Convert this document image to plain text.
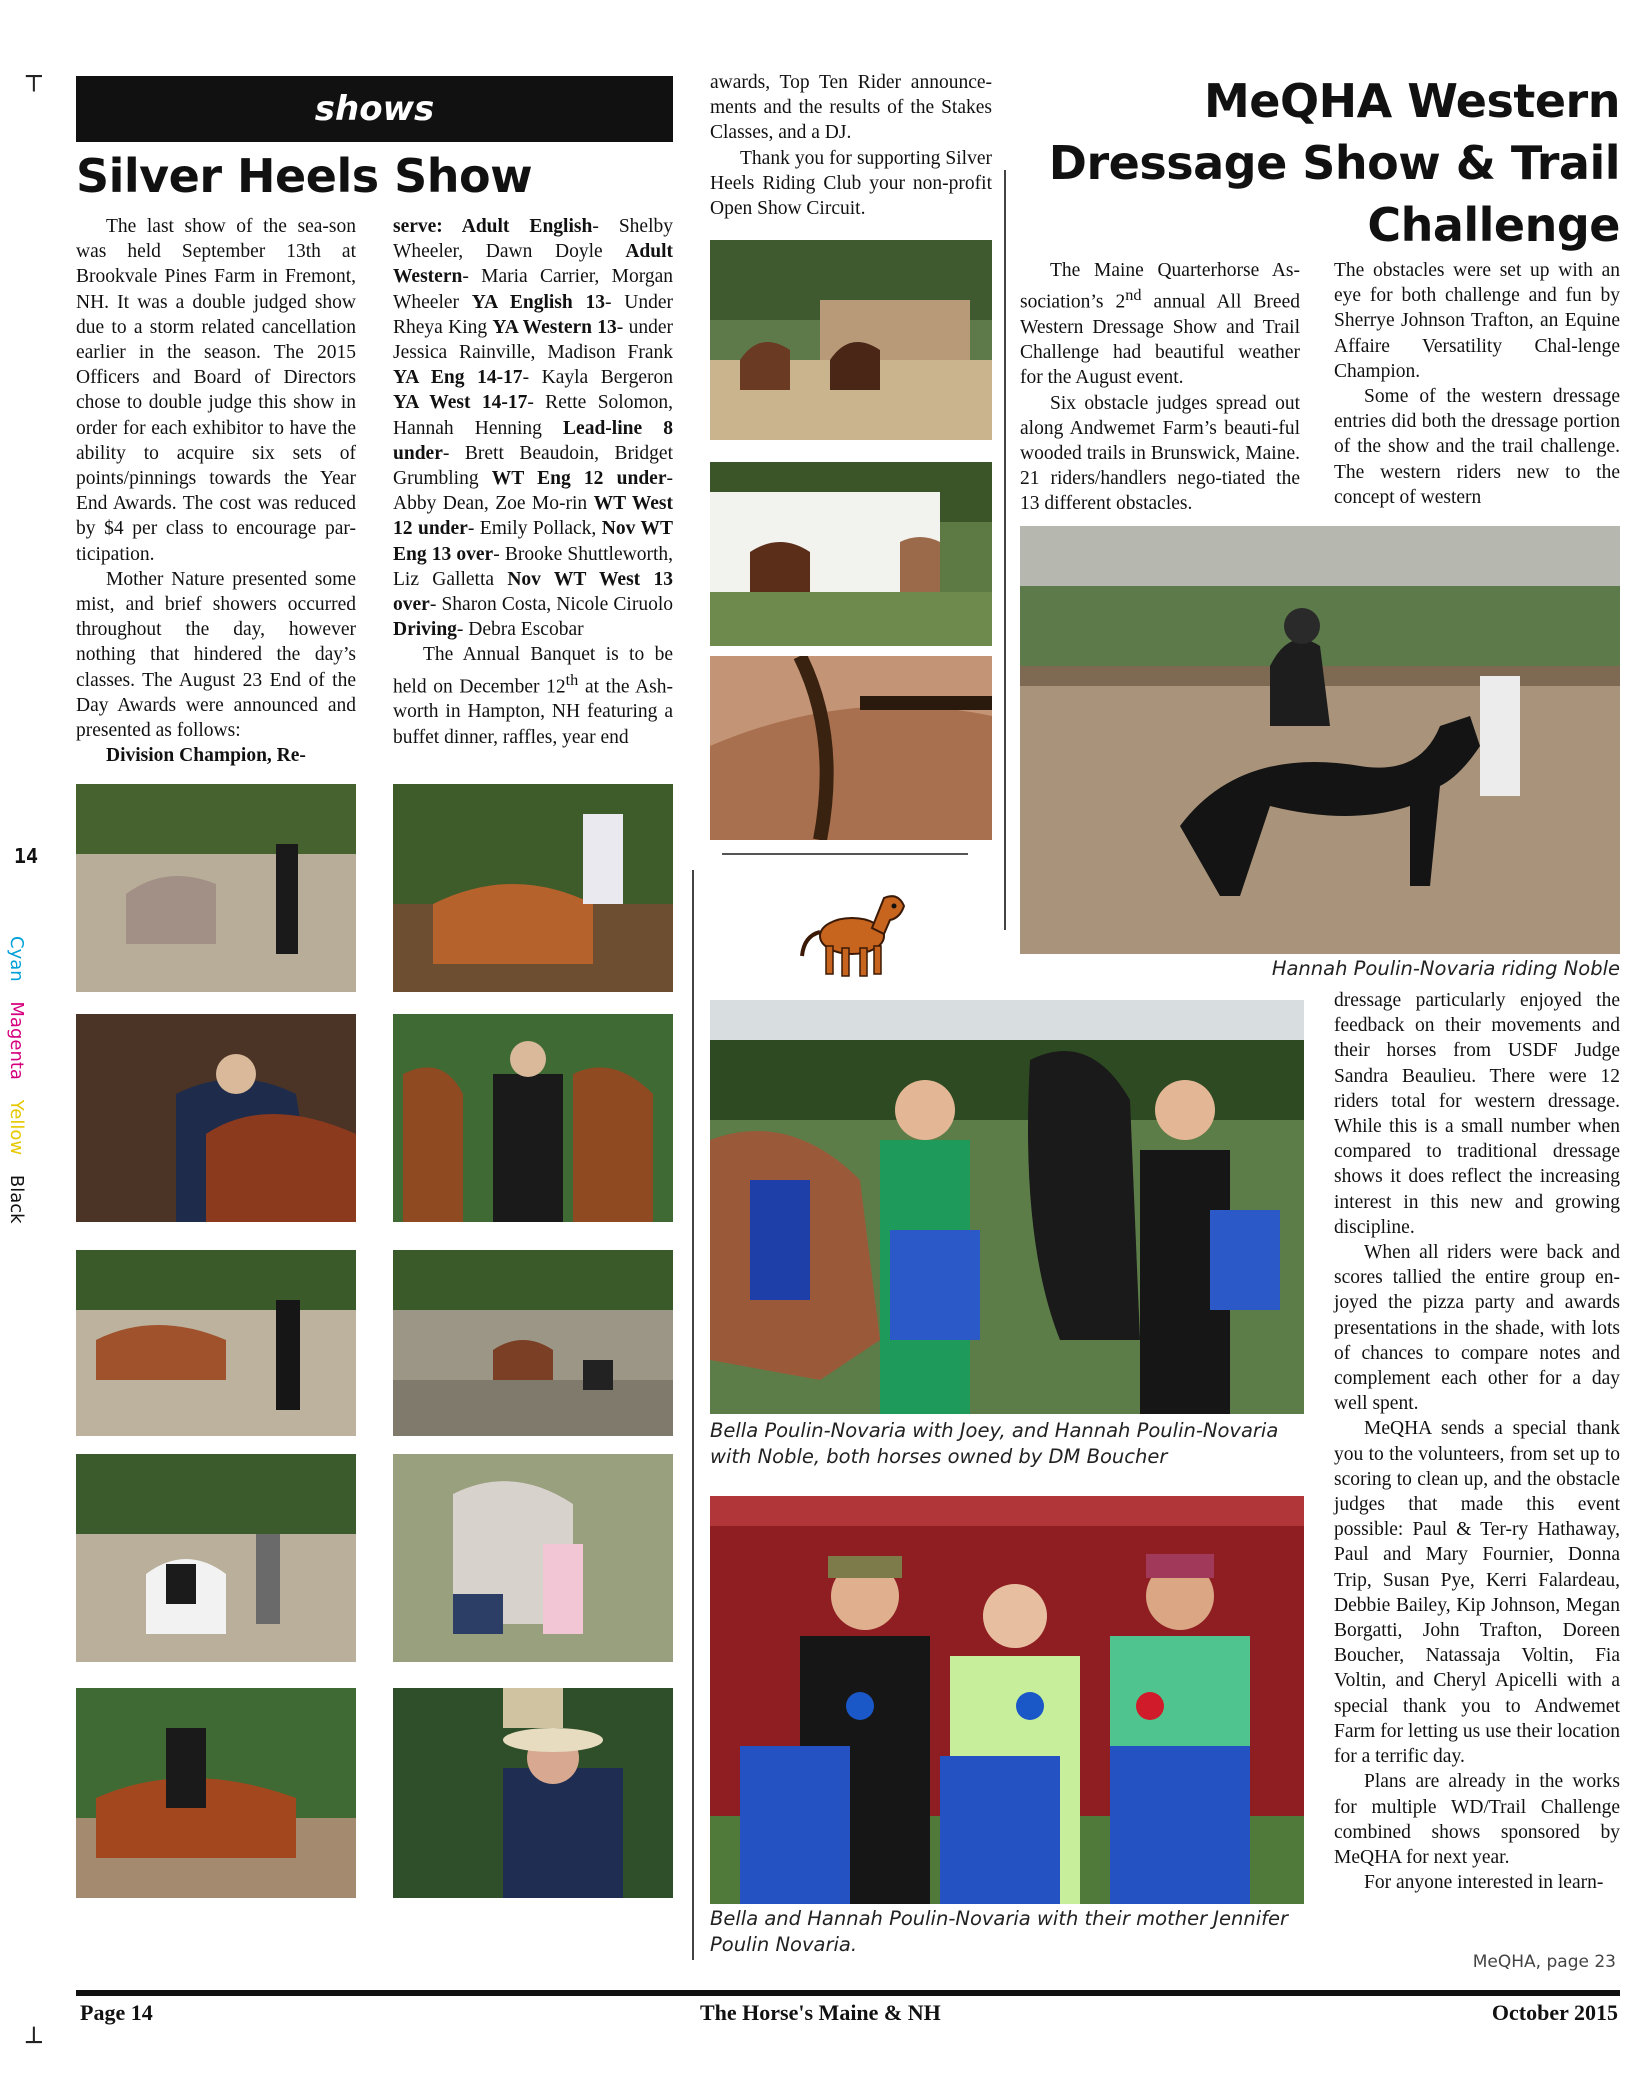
┬
┴
14
Cyan Magenta Yellow Black
shows
Silver Heels Show

The last show of the sea-son was held September 13th at Brookvale Pines Farm in Fremont, NH. It was a double judged show due to a storm related cancellation earlier in the season. The 2015 Officers and Board of Directors chose to double judge this show in order for each exhibitor to have the ability to acquire six sets of points/pinnings towards the Year End Awards. The cost was reduced by $4 per class to encourage par-ticipation.

Mother Nature presented some mist, and brief showers occurred throughout the day, however nothing that hindered the day’s classes. The August 23 End of the Day Awards were announced and presented as follows:

Division Champion, Re-

serve: Adult English- Shelby Wheeler, Dawn Doyle Adult Western- Maria Carrier, Morgan Wheeler YA English 13- Under Rheya King YA Western 13- under Jessica Rainville, Madison Frank YA Eng 14-17- Kayla Bergeron YA West 14-17- Rette Solomon, Hannah Henning Lead-line 8 under- Brett Beaudoin, Bridget Grumbling WT Eng 12 under- Abby Dean, Zoe Mo-rin WT West 12 under- Emily Pollack, Nov WT Eng 13 over- Brooke Shuttleworth, Liz Galletta Nov WT West 13 over- Sharon Costa, Nicole Ciruolo Driving- Debra Escobar

The Annual Banquet is to be held on December 12th at the Ash-worth in Hampton, NH featuring a buffet dinner, raffles, year end

awards, Top Ten Rider announce-ments and the results of the Stakes Classes, and a DJ.

Thank you for supporting Silver Heels Riding Club your non-profit Open Show Circuit.

MeQHA Western
Dressage Show & Trail
Challenge

The Maine Quarterhorse As-sociation’s 2nd annual All Breed Western Dressage Show and Trail Challenge had beautiful weather for the August event.

Six obstacle judges spread out along Andwemet Farm’s beauti-ful wooded trails in Brunswick, Maine. 21 riders/handlers nego-tiated the 13 different obstacles.

The obstacles were set up with an eye for both challenge and fun by Sherrye Johnson Trafton, an Equine Affaire Versatility Chal-lenge Champion.

Some of the western dressage entries did both the dressage portion of the show and the trail challenge. The western riders new to the concept of western

Hannah Poulin-Novaria riding Noble
Bella Poulin-Novaria with Joey, and Hannah Poulin-Novaria with Noble, both horses owned by DM Boucher
Bella and Hannah Poulin-Novaria with their mother Jennifer Poulin Novaria.

dressage particularly enjoyed the feedback on their movements and their horses from USDF Judge Sandra Beaulieu. There were 12 riders total for western dressage. While this is a small number when compared to traditional dressage shows it does reflect the increasing interest in this new and growing discipline.

When all riders were back and scores tallied the entire group en-joyed the pizza party and awards presentations in the shade, with lots of chances to compare notes and complement each other for a day well spent.

MeQHA sends a special thank you to the volunteers, from set up to scoring to clean up, and the obstacle judges that made this event possible: Paul & Ter-ry Hathaway, Paul and Mary Fournier, Donna Trip, Susan Pye, Kerri Falardeau, Debbie Bailey, Kip Johnson, Megan Borgatti, John Trafton, Doreen Boucher, Natassaja Voltin, Fia Voltin, and Cheryl Apicelli with a special thank you to Andwemet Farm for letting us use their location for a terrific day.

Plans are already in the works for multiple WD/Trail Challenge combined shows sponsored by MeQHA for next year.

For anyone interested in learn-

MeQHA, page 23
Page 14	The Horse's Maine & NH	October 2015
